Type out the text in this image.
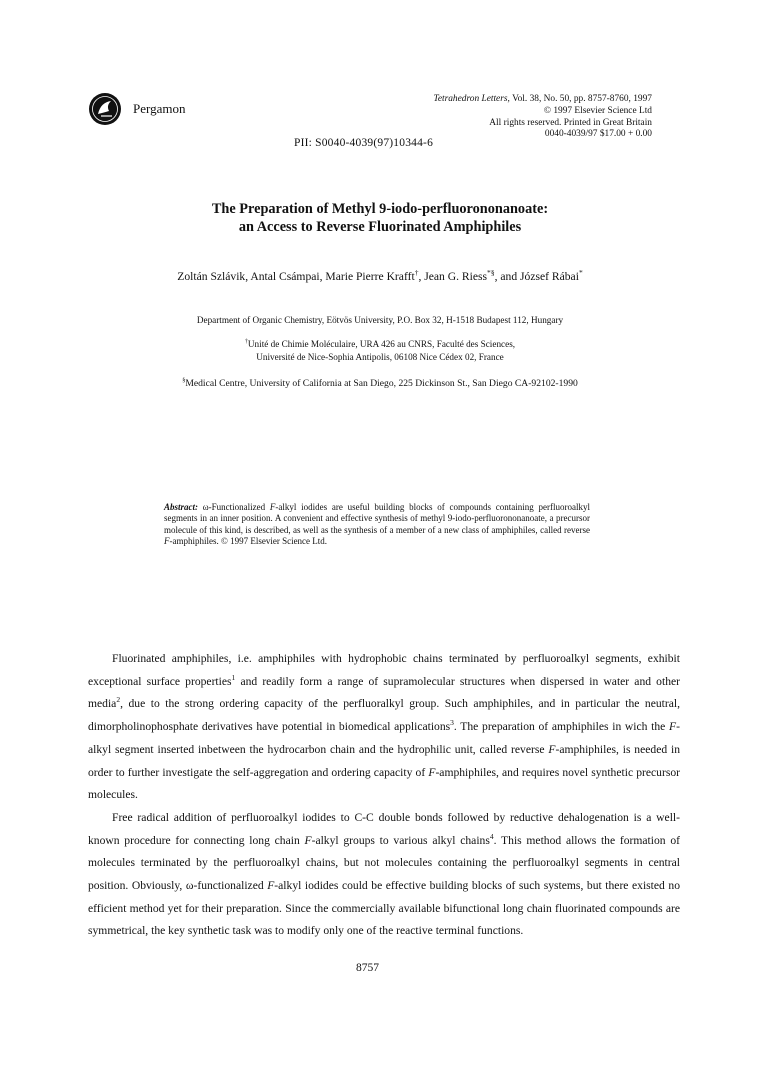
Pergamon
Tetrahedron Letters, Vol. 38, No. 50, pp. 8757-8760, 1997
© 1997 Elsevier Science Ltd
All rights reserved. Printed in Great Britain
0040-4039/97 $17.00 + 0.00
PII: S0040-4039(97)10344-6
The Preparation of Methyl 9-iodo-perfluorononanoate:
an Access to Reverse Fluorinated Amphiphiles
Zoltán Szlávik, Antal Csámpai, Marie Pierre Krafft†, Jean G. Riess*§, and József Rábai*
Department of Organic Chemistry, Eötvös University, P.O. Box 32, H-1518 Budapest 112, Hungary
†Unité de Chimie Moléculaire, URA 426 au CNRS, Faculté des Sciences,
Université de Nice-Sophia Antipolis, 06108 Nice Cédex 02, France
§Medical Centre, University of California at San Diego, 225 Dickinson St., San Diego CA-92102-1990
Abstract: ω-Functionalized F-alkyl iodides are useful building blocks of compounds containing perfluoroalkyl segments in an inner position. A convenient and effective synthesis of methyl 9-iodo-perfluorononanoate, a precursor molecule of this kind, is described, as well as the synthesis of a member of a new class of amphiphiles, called reverse F-amphiphiles. © 1997 Elsevier Science Ltd.

Fluorinated amphiphiles, i.e. amphiphiles with hydrophobic chains terminated by perfluoroalkyl segments, exhibit exceptional surface properties$^1$ and readily form a range of supramolecular structures when dispersed in water and other media$^2$, due to the strong ordering capacity of the perfluoralkyl group. Such amphiphiles, and in particular the neutral, dimorpholinophosphate derivatives have potential in biomedical applications$^3$. The preparation of amphiphiles in wich the F-alkyl segment inserted inbetween the hydrocarbon chain and the hydrophilic unit, called reverse F-amphiphiles, is needed in order to further investigate the self-aggregation and ordering capacity of F-amphiphiles, and requires novel synthetic precursor molecules.

Free radical addition of perfluoroalkyl iodides to C-C double bonds followed by reductive dehalogenation is a well-known procedure for connecting long chain F-alkyl groups to various alkyl chains$^4$. This method allows the formation of molecules terminated by the perfluoroalkyl chains, but not molecules containing the perfluoroalkyl segments in central position. Obviously, ω-functionalized F-alkyl iodides could be effective building blocks of such systems, but there existed no efficient method yet for their preparation. Since the commercially available bifunctional long chain fluorinated compounds are symmetrical, the key synthetic task was to modify only one of the reactive terminal functions.

8757
